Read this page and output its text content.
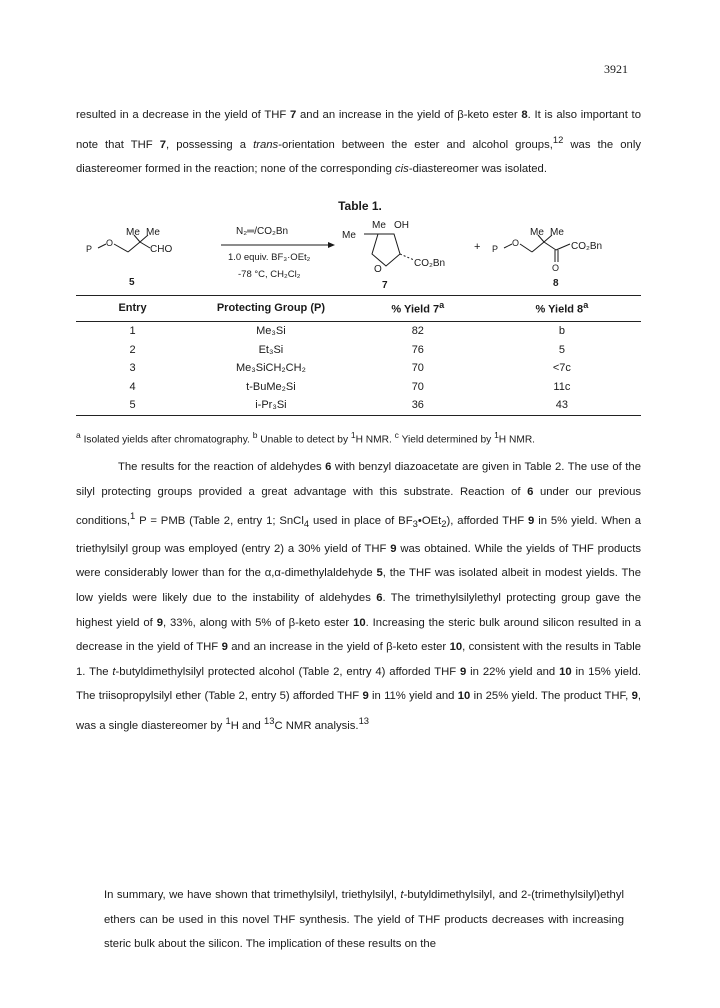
3921

resulted in a decrease in the yield of THF 7 and an increase in the yield of β-keto ester 8. It is also important to note that THF 7, possessing a trans-orientation between the ester and alcohol groups,$^{12}$ was the only diastereomer formed in the reaction; none of the corresponding cis-diastereomer was isolated.

Table 1.
Me Me
P
O
CHO
5
N₂═/CO₂Bn
1.0 equiv. BF₃·OEt₂
-78 °C, CH₂Cl₂
Me OH
Me
O
CO₂Bn
7
+
Me Me
P
O
O
CO₂Bn
8
Entry	Protecting Group (P)	% Yield 7$^a$	% Yield 8$^a$
1	Me₃Si	82	b
2	Et₃Si	76	5
3	Me₃SiCH₂CH₂	70	<7c
4	t-BuMe₂Si	70	11c
5	i-Pr₃Si	36	43
$^a$ Isolated yields after chromatography. $^b$ Unable to detect by $^1$H NMR. $^c$ Yield determined by $^1$H NMR.

The results for the reaction of aldehydes 6 with benzyl diazoacetate are given in Table 2. The use of the silyl protecting groups provided a great advantage with this substrate. Reaction of 6 under our previous conditions,$^1$ P = PMB (Table 2, entry 1; SnCl$_4$ used in place of $BF_3•OEt_2$), afforded THF 9 in 5% yield. When a triethylsilyl group was employed (entry 2) a 30% yield of THF 9 was obtained. While the yields of THF products were considerably lower than for the α,α-dimethylaldehyde 5, the THF was isolated albeit in modest yields. The low yields were likely due to the instability of aldehydes 6. The trimethylsilylethyl protecting group gave the highest yield of 9, 33%, along with 5% of β-keto ester 10. Increasing the steric bulk around silicon resulted in a decrease in the yield of THF 9 and an increase in the yield of β-keto ester 10, consistent with the results in Table 1. The t-butyldimethylsilyl protected alcohol (Table 2, entry 4) afforded THF 9 in 22% yield and 10 in 15% yield. The triisopropylsilyl ether (Table 2, entry 5) afforded THF 9 in 11% yield and 10 in 25% yield. The product THF, 9, was a single diastereomer by $^1$H and $^{13}$C NMR analysis.$^{13}$

In summary, we have shown that trimethylsilyl, triethylsilyl, t-butyldimethylsilyl, and 2-(trimethylsilyl)ethyl ethers can be used in this novel THF synthesis. The yield of THF products decreases with increasing steric bulk about the silicon. The implication of these results on the
